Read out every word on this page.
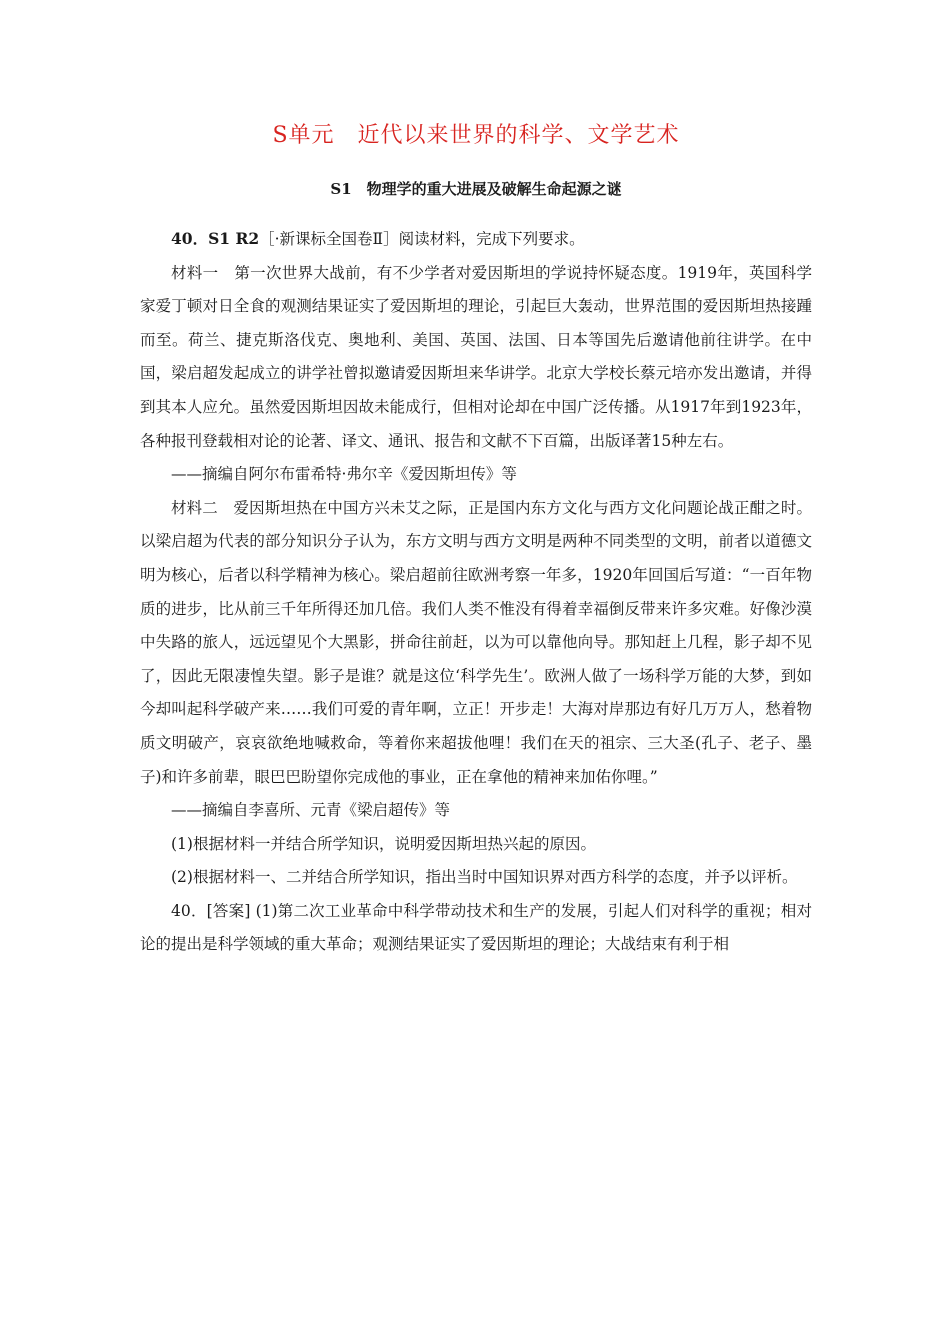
S单元　近代以来世界的科学、文学艺术
S1　物理学的重大进展及破解生命起源之谜

40．S1 R2［·新课标全国卷Ⅱ］阅读材料，完成下列要求。

材料一　第一次世界大战前，有不少学者对爱因斯坦的学说持怀疑态度。1919年，英国科学家爱丁顿对日全食的观测结果证实了爱因斯坦的理论，引起巨大轰动，世界范围的爱因斯坦热接踵而至。荷兰、捷克斯洛伐克、奥地利、美国、英国、法国、日本等国先后邀请他前往讲学。在中国，梁启超发起成立的讲学社曾拟邀请爱因斯坦来华讲学。北京大学校长蔡元培亦发出邀请，并得到其本人应允。虽然爱因斯坦因故未能成行，但相对论却在中国广泛传播。从1917年到1923年，各种报刊登载相对论的论著、译文、通讯、报告和文献不下百篇，出版译著15种左右。

——摘编自阿尔布雷希特·弗尔辛《爱因斯坦传》等

材料二　爱因斯坦热在中国方兴未艾之际，正是国内东方文化与西方文化问题论战正酣之时。以梁启超为代表的部分知识分子认为，东方文明与西方文明是两种不同类型的文明，前者以道德文明为核心，后者以科学精神为核心。梁启超前往欧洲考察一年多，1920年回国后写道：“一百年物质的进步，比从前三千年所得还加几倍。我们人类不惟没有得着幸福倒反带来许多灾难。好像沙漠中失路的旅人，远远望见个大黑影，拼命往前赶，以为可以靠他向导。那知赶上几程，影子却不见了，因此无限凄惶失望。影子是谁？就是这位‘科学先生’。欧洲人做了一场科学万能的大梦，到如今却叫起科学破产来……我们可爱的青年啊，立正！开步走！大海对岸那边有好几万万人，愁着物质文明破产，哀哀欲绝地喊救命，等着你来超拔他哩！我们在天的祖宗、三大圣(孔子、老子、墨子)和许多前辈，眼巴巴盼望你完成他的事业，正在拿他的精神来加佑你哩。”

——摘编自李喜所、元青《梁启超传》等

(1)根据材料一并结合所学知识，说明爱因斯坦热兴起的原因。

(2)根据材料一、二并结合所学知识，指出当时中国知识界对西方科学的态度，并予以评析。

40．[答案] (1)第二次工业革命中科学带动技术和生产的发展，引起人们对科学的重视；相对论的提出是科学领域的重大革命；观测结果证实了爱因斯坦的理论；大战结束有利于相
